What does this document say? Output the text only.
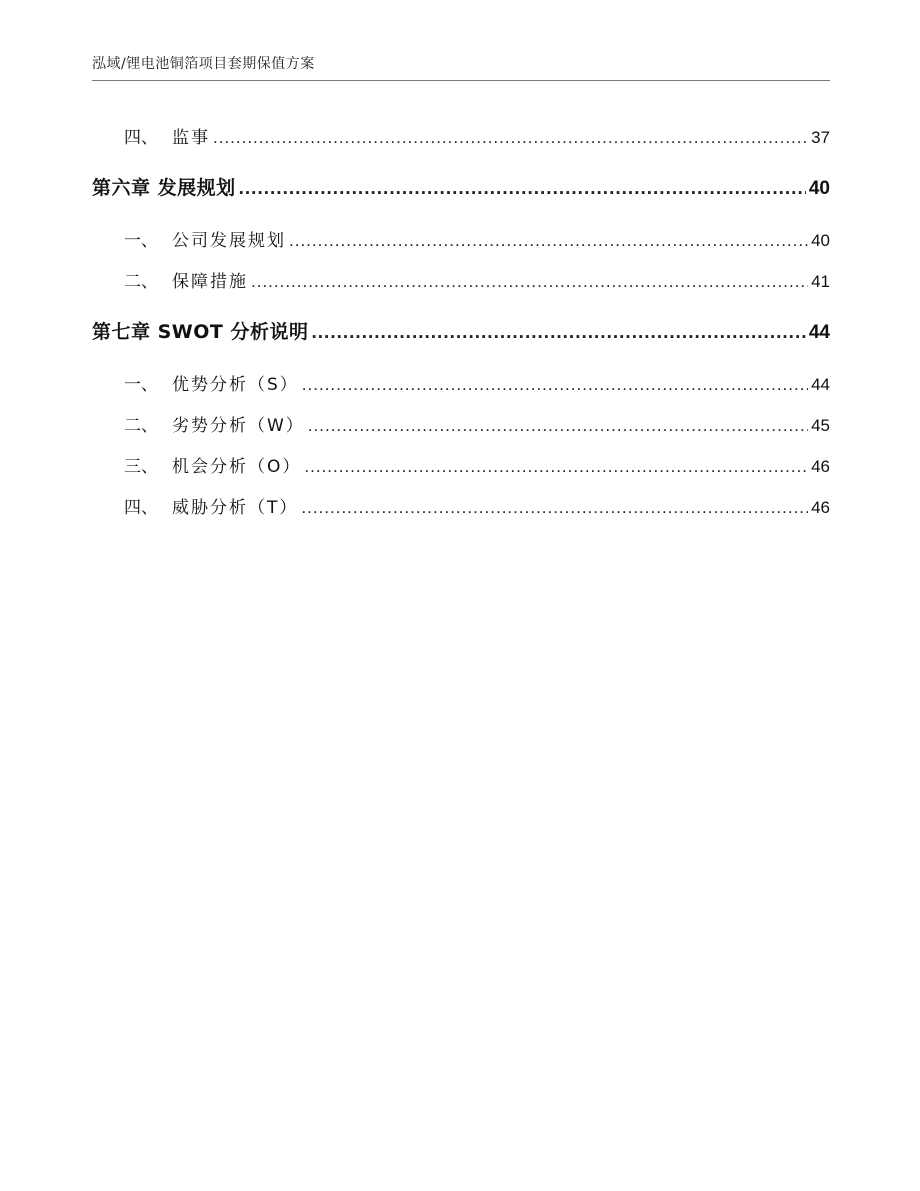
泓域/锂电池铜箔项目套期保值方案
四、 监事 .....	37
第六章 发展规划 .....	40
一、 公司发展规划 .....	40
二、 保障措施 .....	41
第七章 SWOT 分析说明 .....	44
一、 优势分析（S） .....	44
二、 劣势分析（W） .....	45
三、 机会分析（O） .....	46
四、 威胁分析（T） .....	46
